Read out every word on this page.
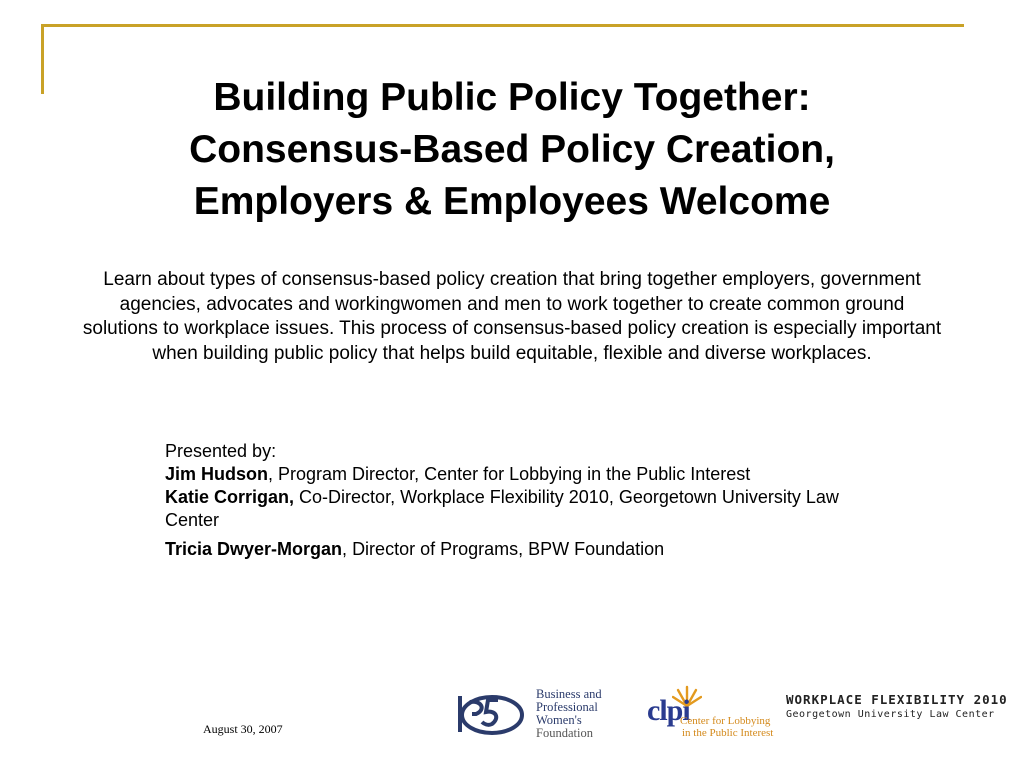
Building Public Policy Together:
Consensus-Based Policy Creation,
Employers & Employees Welcome

Learn about types of consensus-based policy creation that bring together employers, government agencies, advocates and workingwomen and men to work together to create common ground solutions to workplace issues. This process of consensus-based policy creation is especially important when building public policy that helps build equitable, flexible and diverse workplaces.

Presented by:
Jim Hudson, Program Director, Center for Lobbying in the Public Interest
Katie Corrigan, Co-Director, Workplace Flexibility 2010, Georgetown University Law Center
Tricia Dwyer-Morgan, Director of Programs, BPW Foundation
August 30, 2007
Business and
Professional
Women's
Foundation
clpi
Center for Lobbying
in the Public Interest
WORKPLACE FLEXIBILITY 2010
Georgetown University Law Center
